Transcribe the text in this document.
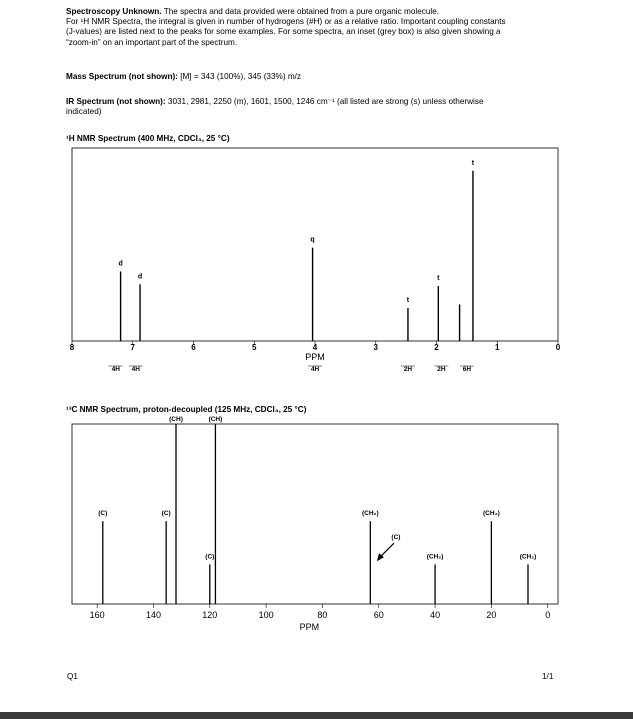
Spectroscopy Unknown. The spectra and data provided were obtained from a pure organic molecule.
For ¹H NMR Spectra, the integral is given in number of hydrogens (#H) or as a relative ratio. Important coupling constants
(J-values) are listed next to the peaks for some examples. For some spectra, an inset (grey box) is also given showing a
“zoom-in” on an important part of the spectrum.
Mass Spectrum (not shown): [M] = 343 (100%), 345 (33%) m/z
IR Spectrum (not shown): 3031, 2981, 2250 (m), 1601, 1500, 1246 cm⁻¹ (all listed are strong (s) unless otherwise
indicated)
¹H NMR Spectrum (400 MHz, CDCl₃, 25 °C)
8	7	6	5	4	3	2	1	0
PPM
d
d
q
t
t
t
4H 4H	4H	2H	2H	6H
¹³C NMR Spectrum, proton-decoupled (125 MHz, CDCl₃, 25 °C)
160	140	120	100	80	60	40	20	0
PPM
(C)	(C)
(CH)
(C)
(CH)
(CH₂)
(C)
(CH₂)
(CH₃)
(CH₂)
Q1	1/1
